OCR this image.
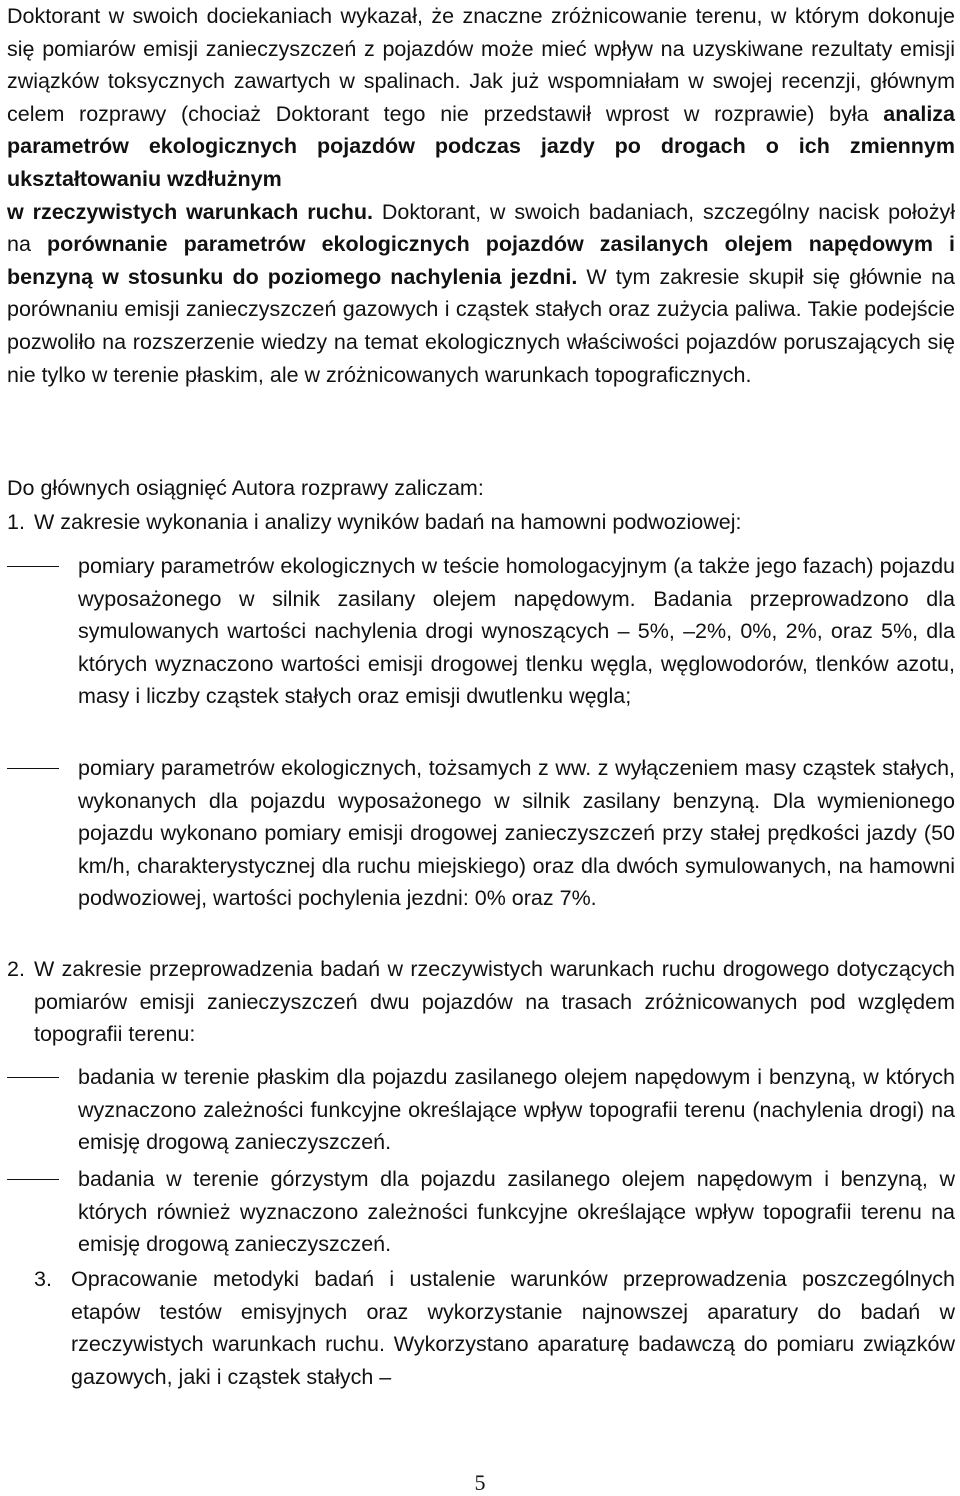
Doktorant w swoich dociekaniach wykazał, że znaczne zróżnicowanie terenu, w którym dokonuje się pomiarów emisji zanieczyszczeń z pojazdów może mieć wpływ na uzyskiwane rezultaty emisji związków toksycznych zawartych w spalinach. Jak już wspomniałam w swojej recenzji, głównym celem rozprawy (chociaż Doktorant tego nie przedstawił wprost w rozprawie) była analiza parametrów ekologicznych pojazdów podczas jazdy po drogach o ich zmiennym ukształtowaniu wzdłużnym
w rzeczywistych warunkach ruchu. Doktorant, w swoich badaniach, szczególny nacisk położył na porównanie parametrów ekologicznych pojazdów zasilanych olejem napędowym i benzyną w stosunku do poziomego nachylenia jezdni. W tym zakresie skupił się głównie na porównaniu emisji zanieczyszczeń gazowych i cząstek stałych oraz zużycia paliwa. Takie podejście pozwoliło na rozszerzenie wiedzy na temat ekologicznych właściwości pojazdów poruszających się nie tylko w terenie płaskim, ale w zróżnicowanych warunkach topograficznych.

Do głównych osiągnięć Autora rozprawy zaliczam:

1. W zakresie wykonania i analizy wyników badań na hamowni podwoziowej:
pomiary parametrów ekologicznych w teście homologacyjnym (a także jego fazach) pojazdu wyposażonego w silnik zasilany olejem napędowym. Badania przeprowadzono dla symulowanych wartości nachylenia drogi wynoszących – 5%, –2%, 0%, 2%, oraz 5%, dla których wyznaczono wartości emisji drogowej tlenku węgla, węglowodorów, tlenków azotu, masy i liczby cząstek stałych oraz emisji dwutlenku węgla;
pomiary parametrów ekologicznych, tożsamych z ww. z wyłączeniem masy cząstek stałych, wykonanych dla pojazdu wyposażonego w silnik zasilany benzyną. Dla wymienionego pojazdu wykonano pomiary emisji drogowej zanieczyszczeń przy stałej prędkości jazdy (50 km/h, charakterystycznej dla ruchu miejskiego) oraz dla dwóch symulowanych, na hamowni podwoziowej, wartości pochylenia jezdni: 0% oraz 7%.
2. W zakresie przeprowadzenia badań w rzeczywistych warunkach ruchu drogowego dotyczących pomiarów emisji zanieczyszczeń dwu pojazdów na trasach zróżnicowanych pod względem topografii terenu:
badania w terenie płaskim dla pojazdu zasilanego olejem napędowym i benzyną, w których wyznaczono zależności funkcyjne określające wpływ topografii terenu (nachylenia drogi) na emisję drogową zanieczyszczeń.
badania w terenie górzystym dla pojazdu zasilanego olejem napędowym i benzyną, w których również wyznaczono zależności funkcyjne określające wpływ topografii terenu na emisję drogową zanieczyszczeń.
3. Opracowanie metodyki badań i ustalenie warunków przeprowadzenia poszczególnych etapów testów emisyjnych oraz wykorzystanie najnowszej aparatury do badań w rzeczywistych warunkach ruchu. Wykorzystano aparaturę badawczą do pomiaru związków gazowych, jaki i cząstek stałych –
5
